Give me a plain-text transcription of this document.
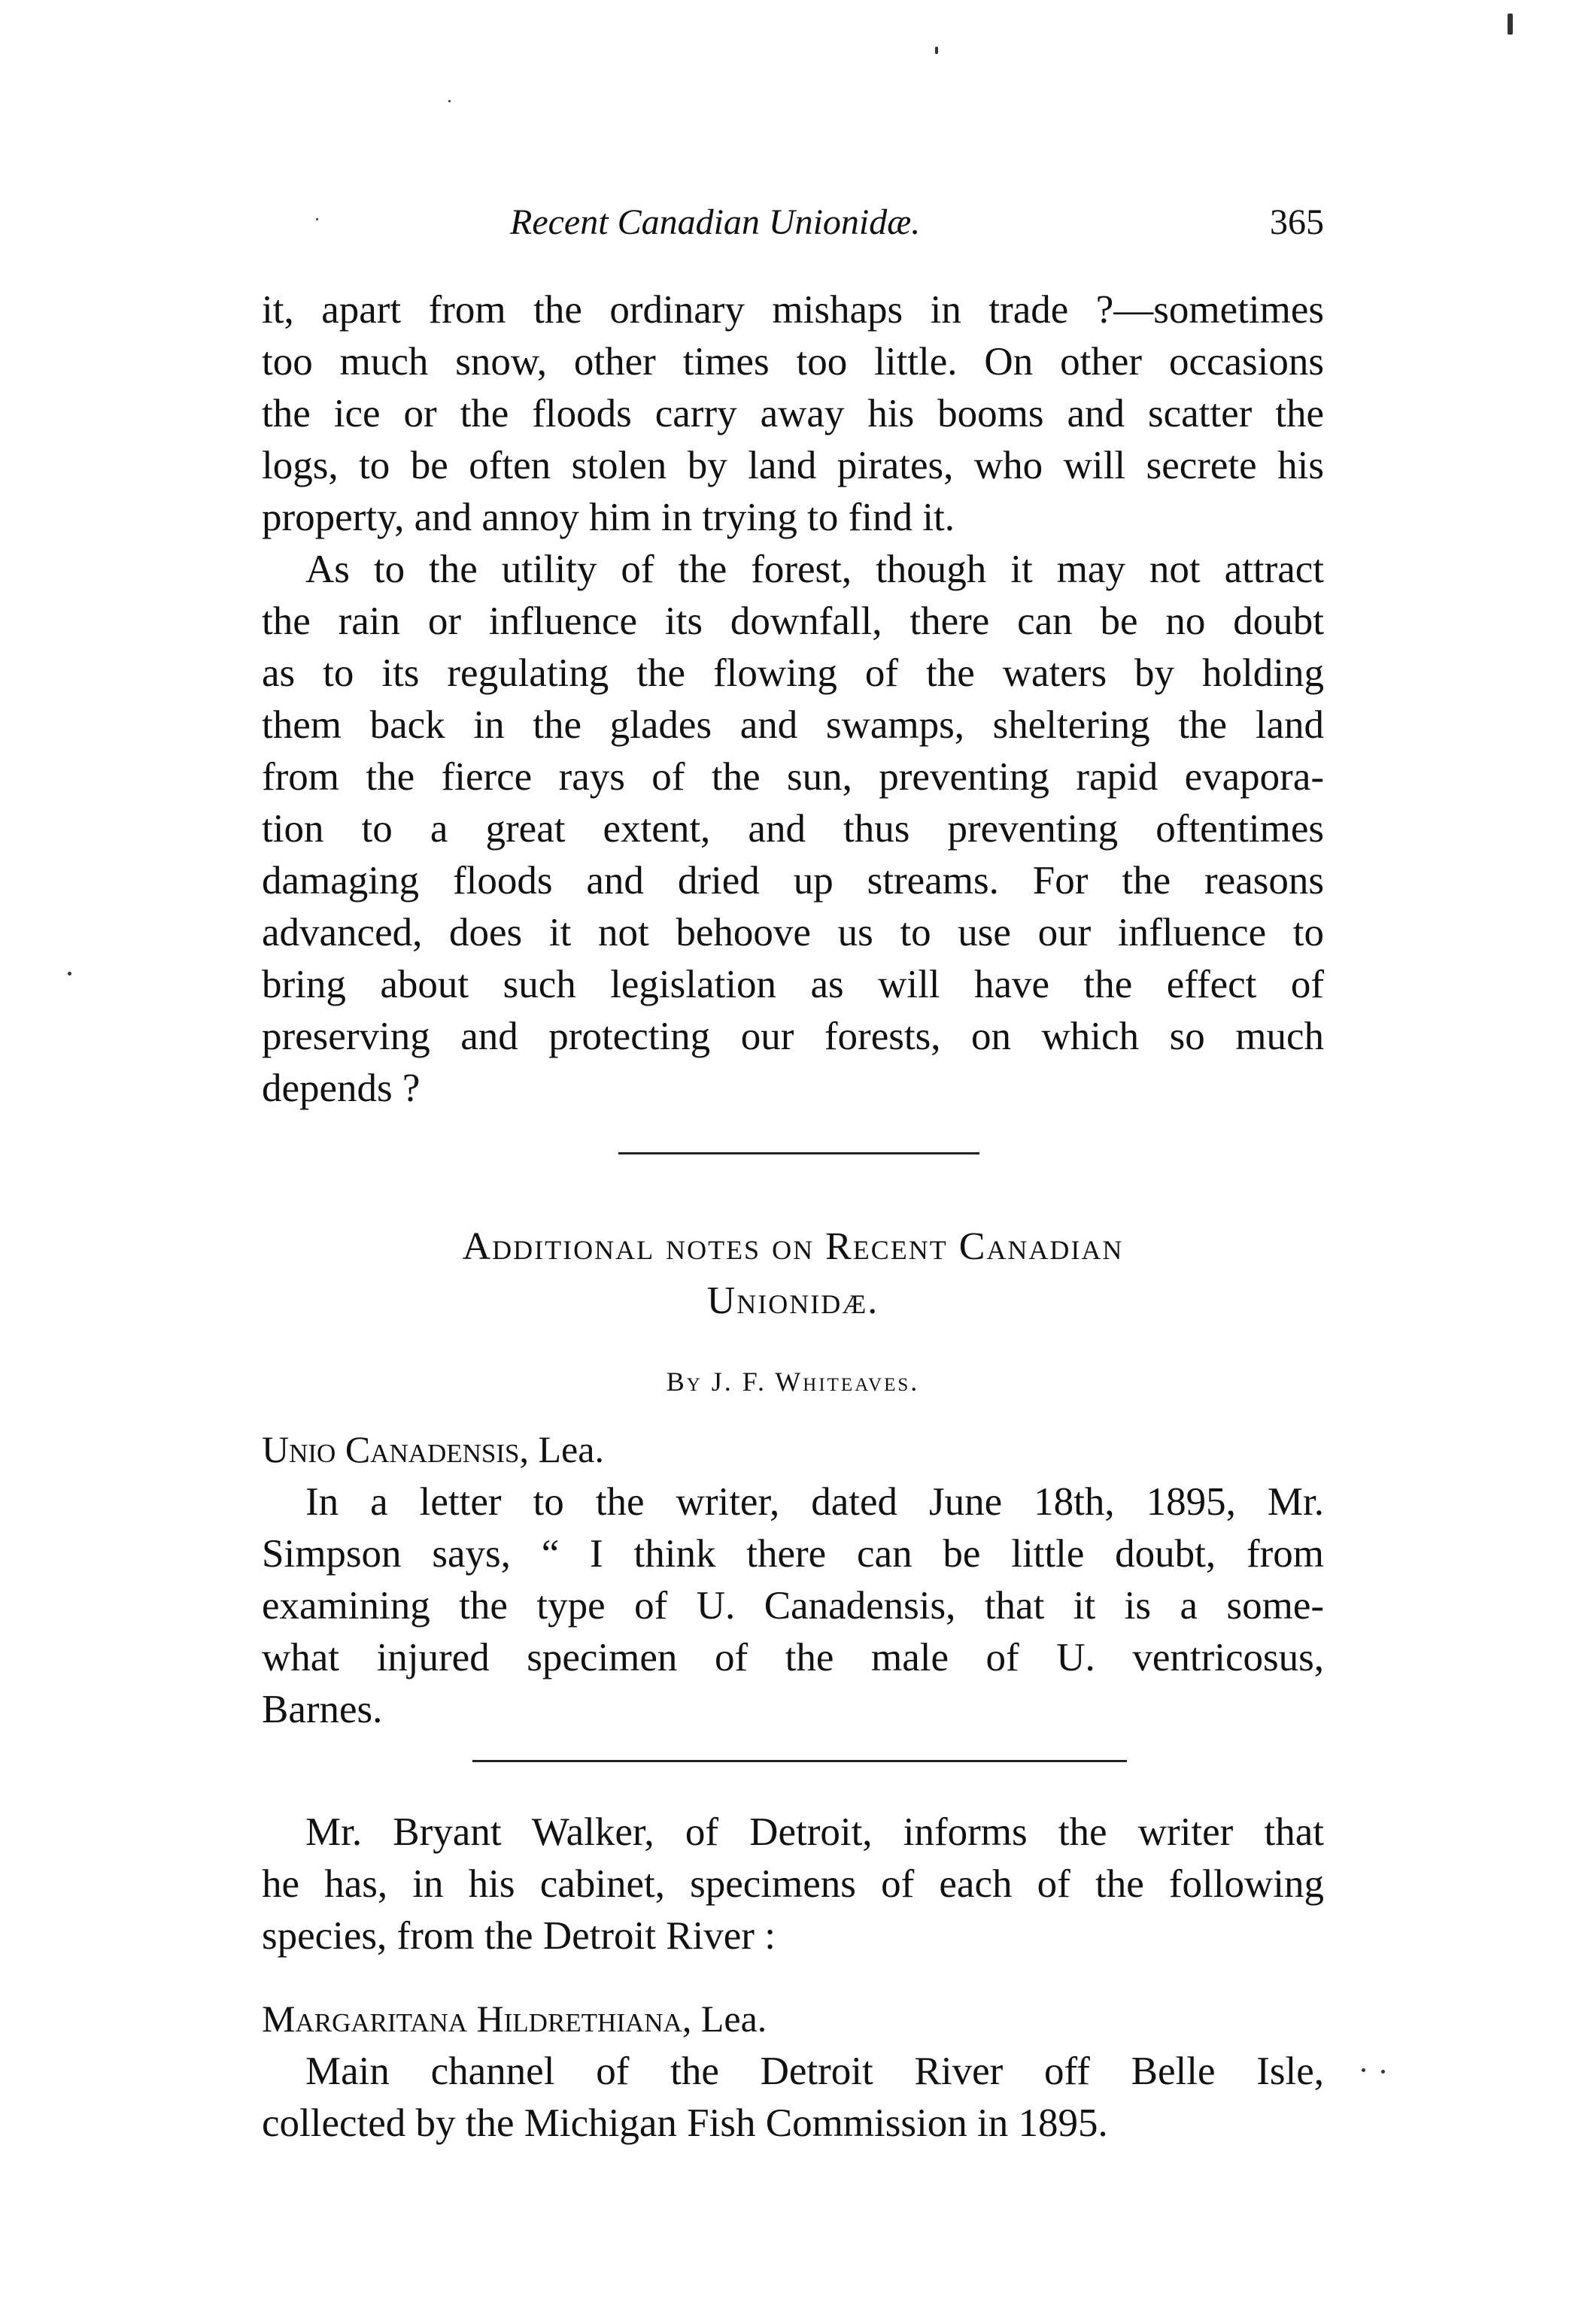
Recent Canadian Unionidæ.	365
it, apart from the ordinary mishaps in trade ?—sometimes
too much snow, other times too little. On other occasions
the ice or the floods carry away his booms and scatter the
logs, to be often stolen by land pirates, who will secrete his
property, and annoy him in trying to find it.
As to the utility of the forest, though it may not attract
the rain or influence its downfall, there can be no doubt
as to its regulating the flowing of the waters by holding
them back in the glades and swamps, sheltering the land
from the fierce rays of the sun, preventing rapid evapora-
tion to a great extent, and thus preventing oftentimes
damaging floods and dried up streams. For the reasons
advanced, does it not behoove us to use our influence to
bring about such legislation as will have the effect of
preserving and protecting our forests, on which so much
depends ?
Additional notes on Recent Canadian
Unionidæ.
By J. F. Whiteaves.
Unio Canadensis, Lea.
In a letter to the writer, dated June 18th, 1895, Mr.
Simpson says, “ I think there can be little doubt, from
examining the type of U. Canadensis, that it is a some-
what injured specimen of the male of U. ventricosus,
Barnes.
Mr. Bryant Walker, of Detroit, informs the writer that
he has, in his cabinet, specimens of each of the following
species, from the Detroit River :
Margaritana Hildrethiana, Lea.
Main channel of the Detroit River off Belle Isle,
collected by the Michigan Fish Commission in 1895.
